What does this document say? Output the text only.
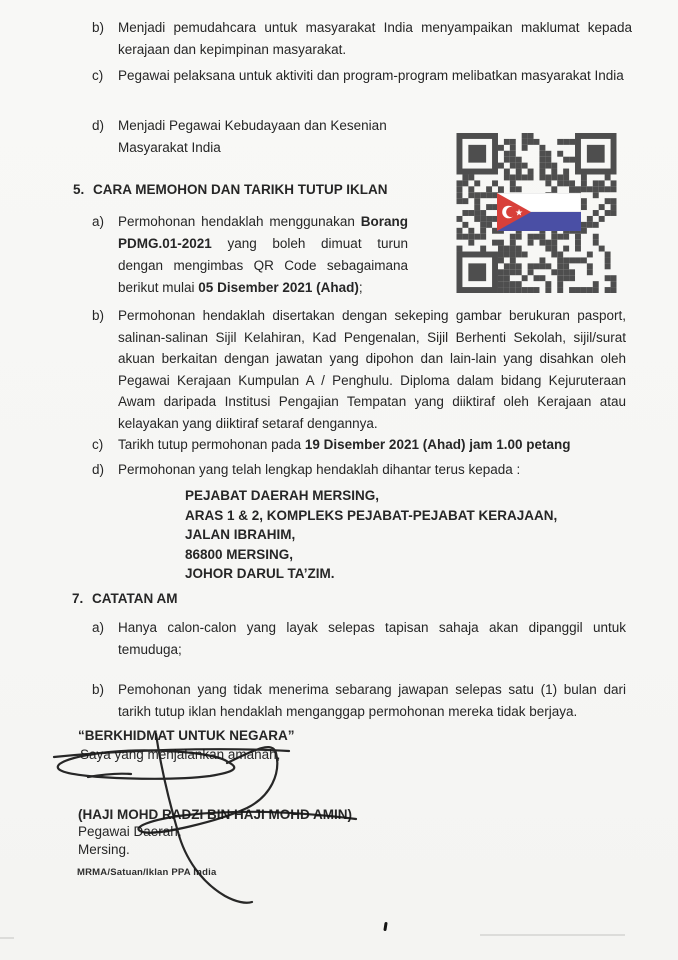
b)	Menjadi pemudahcara untuk masyarakat India menyampaikan maklumat kepada kerajaan dan kepimpinan masyarakat.
c)	Pegawai pelaksana untuk aktiviti dan program-program melibatkan masyarakat India
d)	Menjadi Pegawai Kebudayaan dan Kesenian Masyarakat India
★
5. CARA MEMOHON DAN TARIKH TUTUP IKLAN
a)	Permohonan hendaklah menggunakan Borang PDMG.01-2021 yang boleh dimuat turun dengan mengimbas QR Code sebagaimana berikut mulai 05 Disember 2021 (Ahad);
b)	Permohonan hendaklah disertakan dengan sekeping gambar berukuran pasport, salinan-salinan Sijil Kelahiran, Kad Pengenalan, Sijil Berhenti Sekolah, sijil/surat akuan berkaitan dengan jawatan yang dipohon dan lain-lain yang disahkan oleh Pegawai Kerajaan Kumpulan A / Penghulu. Diploma dalam bidang Kejuruteraan Awam daripada Institusi Pengajian Tempatan yang diiktiraf oleh Kerajaan atau kelayakan yang diiktiraf setaraf dengannya.
c)	Tarikh tutup permohonan pada 19 Disember 2021 (Ahad) jam 1.00 petang
d)	Permohonan yang telah lengkap hendaklah dihantar terus kepada :
PEJABAT DAERAH MERSING,
ARAS 1 & 2, KOMPLEKS PEJABAT-PEJABAT KERAJAAN,
JALAN IBRAHIM,
86800 MERSING,
JOHOR DARUL TA’ZIM.
7. CATATAN AM
a)	Hanya calon-calon yang layak selepas tapisan sahaja akan dipanggil untuk temuduga;
b)	Pemohonan yang tidak menerima sebarang jawapan selepas satu (1) bulan dari tarikh tutup iklan hendaklah menganggap permohonan mereka tidak berjaya.
“BERKHIDMAT UNTUK NEGARA”
Saya yang menjalankan amanah,
(HAJI MOHD RADZI BIN HAJI MOHD AMIN)
Pegawai Daerah,
Mersing.
MRMA/Satuan/Iklan PPA India
